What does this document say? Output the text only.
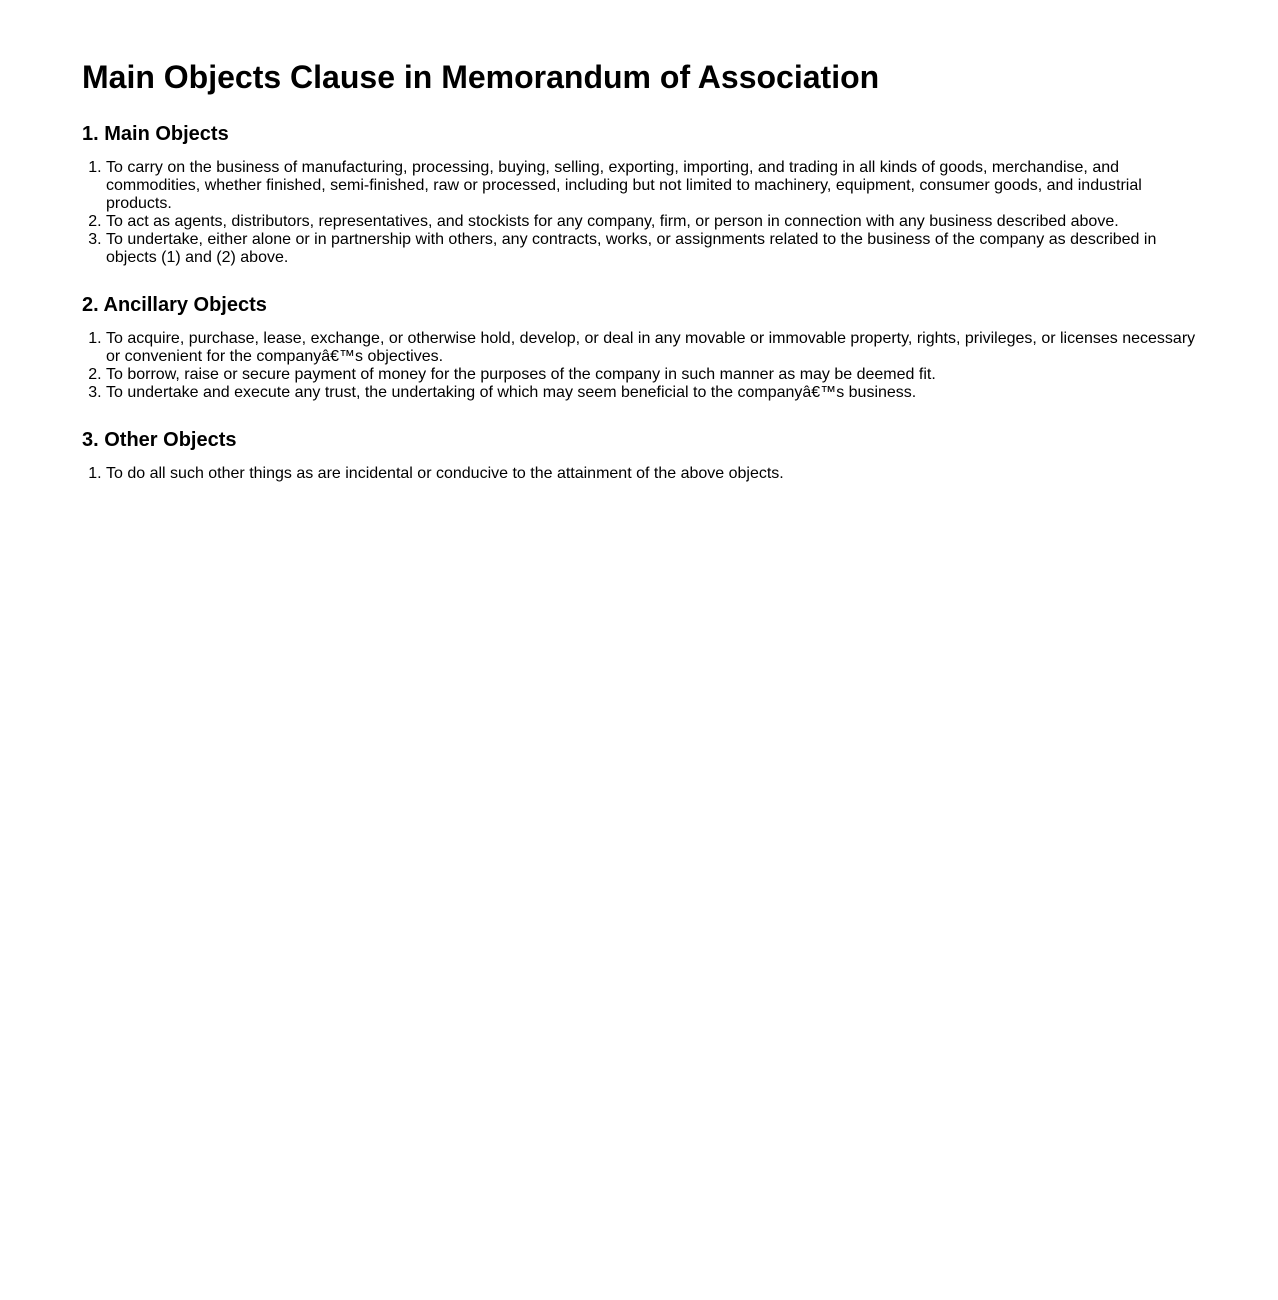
Main Objects Clause in Memorandum of Association
1. Main Objects
1. To carry on the business of manufacturing, processing, buying, selling, exporting, importing, and trading in all kinds of goods, merchandise, and commodities, whether finished, semi-finished, raw or processed, including but not limited to machinery, equipment, consumer goods, and industrial products.
2. To act as agents, distributors, representatives, and stockists for any company, firm, or person in connection with any business described above.
3. To undertake, either alone or in partnership with others, any contracts, works, or assignments related to the business of the company as described in objects (1) and (2) above.
2. Ancillary Objects
1. To acquire, purchase, lease, exchange, or otherwise hold, develop, or deal in any movable or immovable property, rights, privileges, or licenses necessary or convenient for the companyâ€™s objectives.
2. To borrow, raise or secure payment of money for the purposes of the company in such manner as may be deemed fit.
3. To undertake and execute any trust, the undertaking of which may seem beneficial to the companyâ€™s business.
3. Other Objects
1. To do all such other things as are incidental or conducive to the attainment of the above objects.
